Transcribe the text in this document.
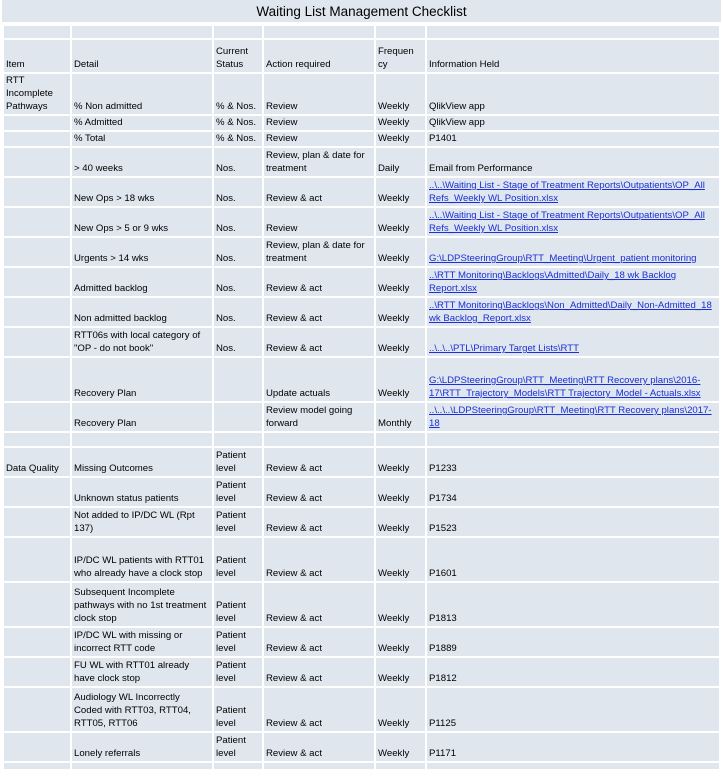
Waiting List Management Checklist

Item	Detail	Current Status	Action required	Frequen cy	Information Held
RTT Incomplete Pathways	% Non admitted	% & Nos.	Review	Weekly	QlikView app
	% Admitted	% & Nos.	Review	Weekly	QlikView app
	% Total	% & Nos.	Review	Weekly	P1401
	> 40 weeks	Nos.	Review, plan & date for treatment	Daily	Email from Performance
	New Ops > 18 wks	Nos.	Review & act	Weekly	..\..\Waiting List - Stage of Treatment Reports\Outpatients\OP_All Refs_Weekly WL Position.xlsx
	New Ops > 5 or 9 wks	Nos.	Review	Weekly	..\..\Waiting List - Stage of Treatment Reports\Outpatients\OP_All Refs_Weekly WL Position.xlsx
	Urgents > 14 wks	Nos.	Review, plan & date for treatment	Weekly	G:\LDPSteeringGroup\RTT_Meeting\Urgent_patient monitoring
	Admitted backlog	Nos.	Review & act	Weekly	..\RTT Monitoring\Backlogs\Admitted\Daily_18 wk Backlog Report.xlsx
	Non admitted backlog	Nos.	Review & act	Weekly	..\RTT Monitoring\Backlogs\Non_Admitted\Daily_Non-Admitted_18 wk Backlog_Report.xlsx
	RTT06s with local category of "OP - do not book"	Nos.	Review & act	Weekly	..\..\..\PTL\Primary Target Lists\RTT
	Recovery Plan		Update actuals	Weekly	G:\LDPSteeringGroup\RTT_Meeting\RTT Recovery plans\2016-17\RTT_Trajectory_Models\RTT Trajectory_Model - Actuals.xlsx
	Recovery Plan		Review model going forward	Monthly	..\..\..\LDPSteeringGroup\RTT_Meeting\RTT Recovery plans\2017-18

Data Quality	Missing Outcomes	Patient level	Review & act	Weekly	P1233
	Unknown status patients	Patient level	Review & act	Weekly	P1734
	Not added to IP/DC WL (Rpt 137)	Patient level	Review & act	Weekly	P1523
	IP/DC WL patients with RTT01 who already have a clock stop	Patient level	Review & act	Weekly	P1601
	Subsequent Incomplete pathways with no 1st treatment clock stop	Patient level	Review & act	Weekly	P1813
	IP/DC WL with missing or incorrect RTT code	Patient level	Review & act	Weekly	P1889
	FU WL with RTT01 already have clock stop	Patient level	Review & act	Weekly	P1812
	Audiology WL Incorrectly Coded with RTT03, RTT04, RTT05, RTT06	Patient level	Review & act	Weekly	P1125
	Lonely referrals	Patient level	Review & act	Weekly	P1171
